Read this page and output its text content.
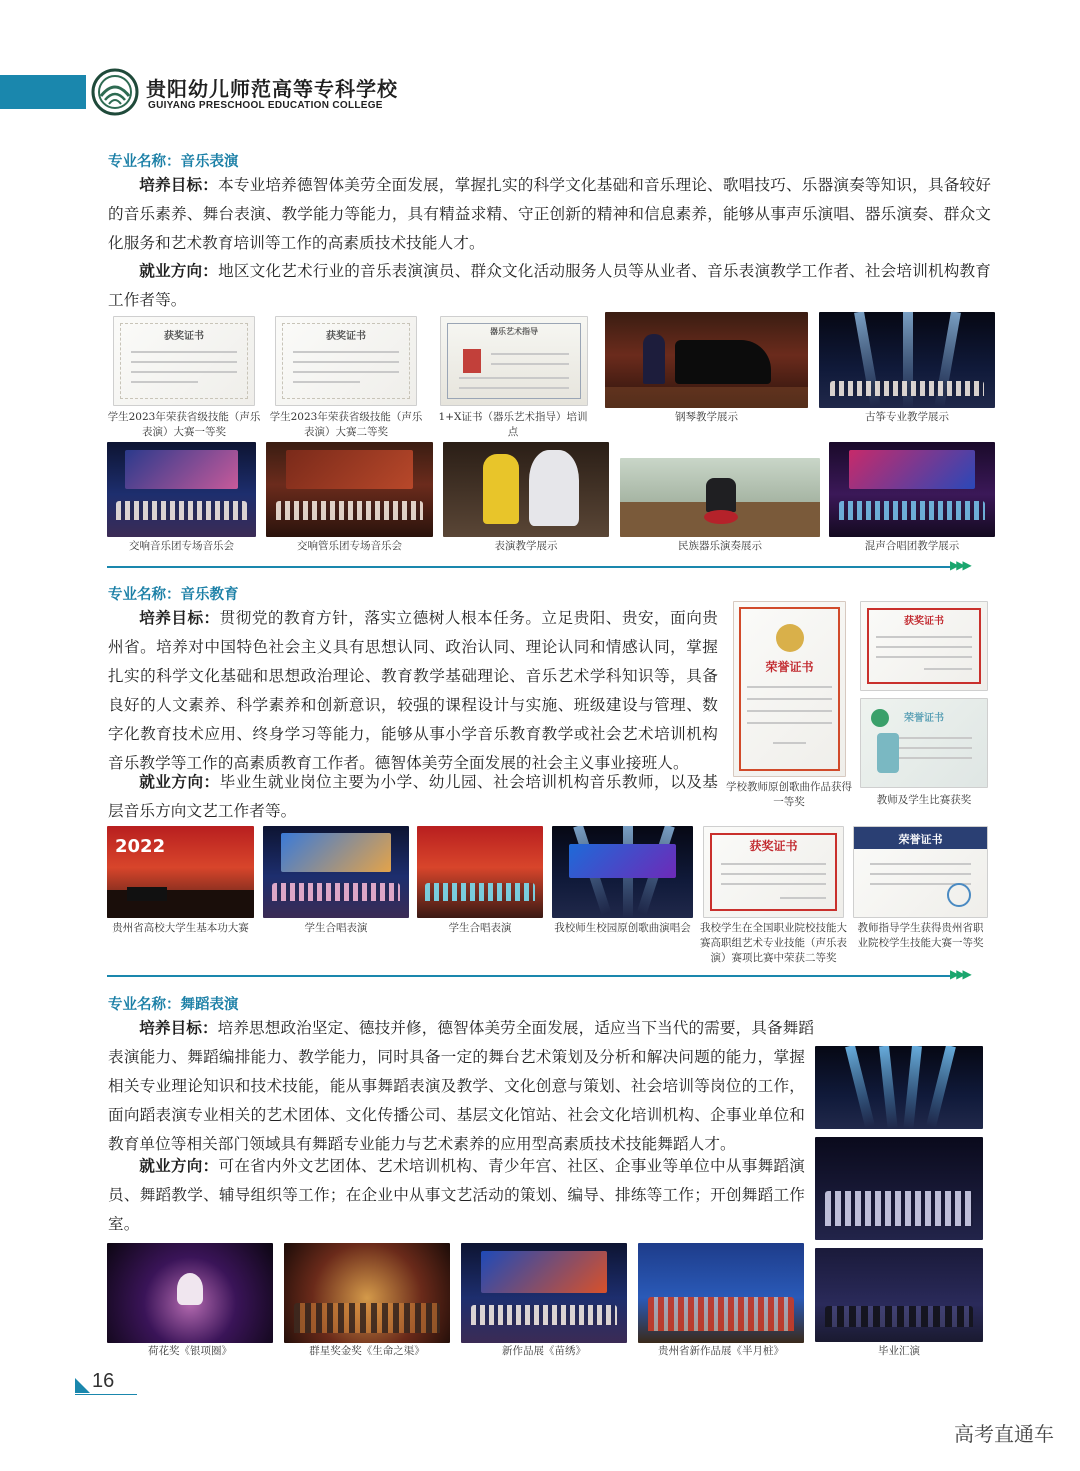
贵阳幼儿师范高等专科学校
GUIYANG PRESCHOOL EDUCATION COLLEGE
专业名称：音乐表演
培养目标：本专业培养德智体美劳全面发展，掌握扎实的科学文化基础和音乐理论、歌唱技巧、乐器演奏等知识，具备较好的音乐素养、舞台表演、教学能力等能力，具有精益求精、守正创新的精神和信息素养，能够从事声乐演唱、器乐演奏、群众文化服务和艺术教育培训等工作的高素质技术技能人才。
就业方向：地区文化艺术行业的音乐表演演员、群众文化活动服务人员等从业者、音乐表演教学工作者、社会培训机构教育工作者等。
获奖证书
学生2023年荣获省级技能（声乐表演）大赛一等奖
获奖证书
学生2023年荣获省级技能（声乐表演）大赛二等奖
器乐艺术指导
1+X证书（器乐艺术指导）培训点
钢琴教学展示	古筝专业教学展示
交响音乐团专场音乐会	交响管乐团专场音乐会	表演教学展示	民族器乐演奏展示	混声合唱团教学展示
▶▶▶
专业名称：音乐教育
培养目标：贯彻党的教育方针，落实立德树人根本任务。立足贵阳、贵安，面向贵州省。培养对中国特色社会主义具有思想认同、政治认同、理论认同和情感认同，掌握扎实的科学文化基础和思想政治理论、教育教学基础理论、音乐艺术学科知识等，具备良好的人文素养、科学素养和创新意识，较强的课程设计与实施、班级建设与管理、数字化教育技术应用、终身学习等能力，能够从事小学音乐教育教学或社会艺术培训机构音乐教学等工作的高素质教育工作者。德智体美劳全面发展的社会主义事业接班人。
就业方向：毕业生就业岗位主要为小学、幼儿园、社会培训机构音乐教师，以及基层音乐方向文艺工作者等。
荣誉证书
学校教师原创歌曲作品获得一等奖
获奖证书
荣誉证书
教师及学生比赛获奖
2022
贵州省高校大学生基本功大赛	学生合唱表演	学生合唱表演	我校师生校园原创歌曲演唱会
获奖证书
我校学生在全国职业院校技能大赛高职组艺术专业技能（声乐表演）赛项比赛中荣获二等奖
荣誉证书
教师指导学生获得贵州省职业院校学生技能大赛一等奖
▶▶▶
专业名称：舞蹈表演
培养目标：培养思想政治坚定、德技并修，德智体美劳全面发展，适应当下当代的需要，具备舞蹈
表演能力、舞蹈编排能力、教学能力，同时具备一定的舞台艺术策划及分析和解决问题的能力，掌握相关专业理论知识和技术技能，能从事舞蹈表演及教学、文化创意与策划、社会培训等岗位的工作，面向蹈表演专业相关的艺术团体、文化传播公司、基层文化馆站、社会文化培训机构、企事业单位和教育单位等相关部门领域具有舞蹈专业能力与艺术素养的应用型高素质技术技能舞蹈人才。
就业方向：可在省内外文艺团体、艺术培训机构、青少年宫、社区、企事业等单位中从事舞蹈演员、舞蹈教学、辅导组织等工作；在企业中从事文艺活动的策划、编导、排练等工作；开创舞蹈工作室。
荷花奖《银项圈》	群星奖金奖《生命之渠》	新作品展《苗绣》	贵州省新作品展《半月桩》	毕业汇演
16
高考直通车
